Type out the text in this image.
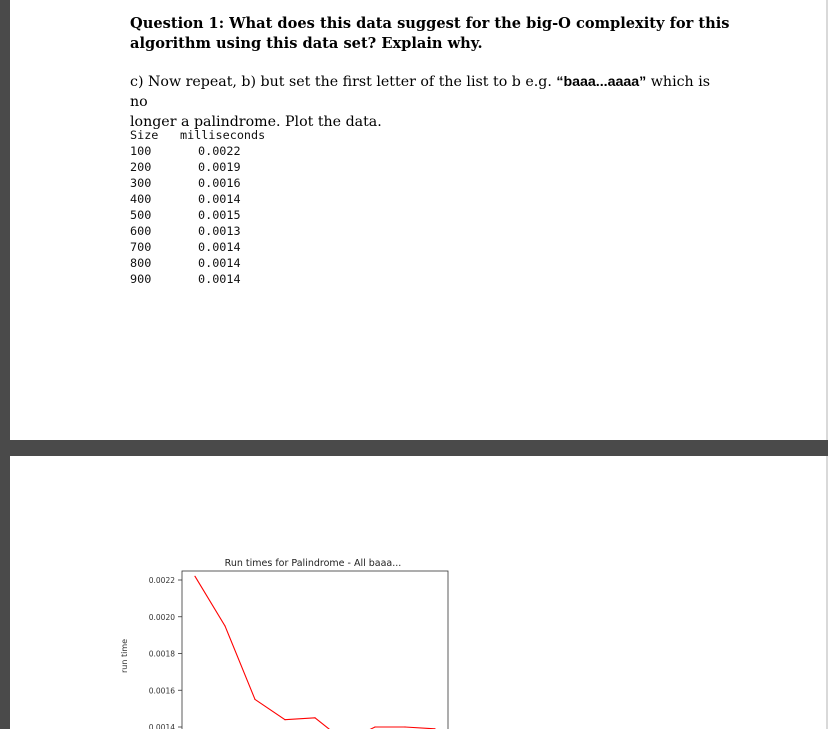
Question 1: What does this data suggest for the big-O complexity for this
algorithm using this data set? Explain why.
c) Now repeat, b) but set the first letter of the list to b e.g. “baaa...aaaa” which is no
longer a palindrome. Plot the data.
Size milliseconds
100	0.0022
200	0.0019
300	0.0016
400	0.0014
500	0.0015
600	0.0013
700	0.0014
800	0.0014
900	0.0014
Run times for Palindrome - All baaa...
run time
0.0022
0.0020
0.0018
0.0016
0.0014
